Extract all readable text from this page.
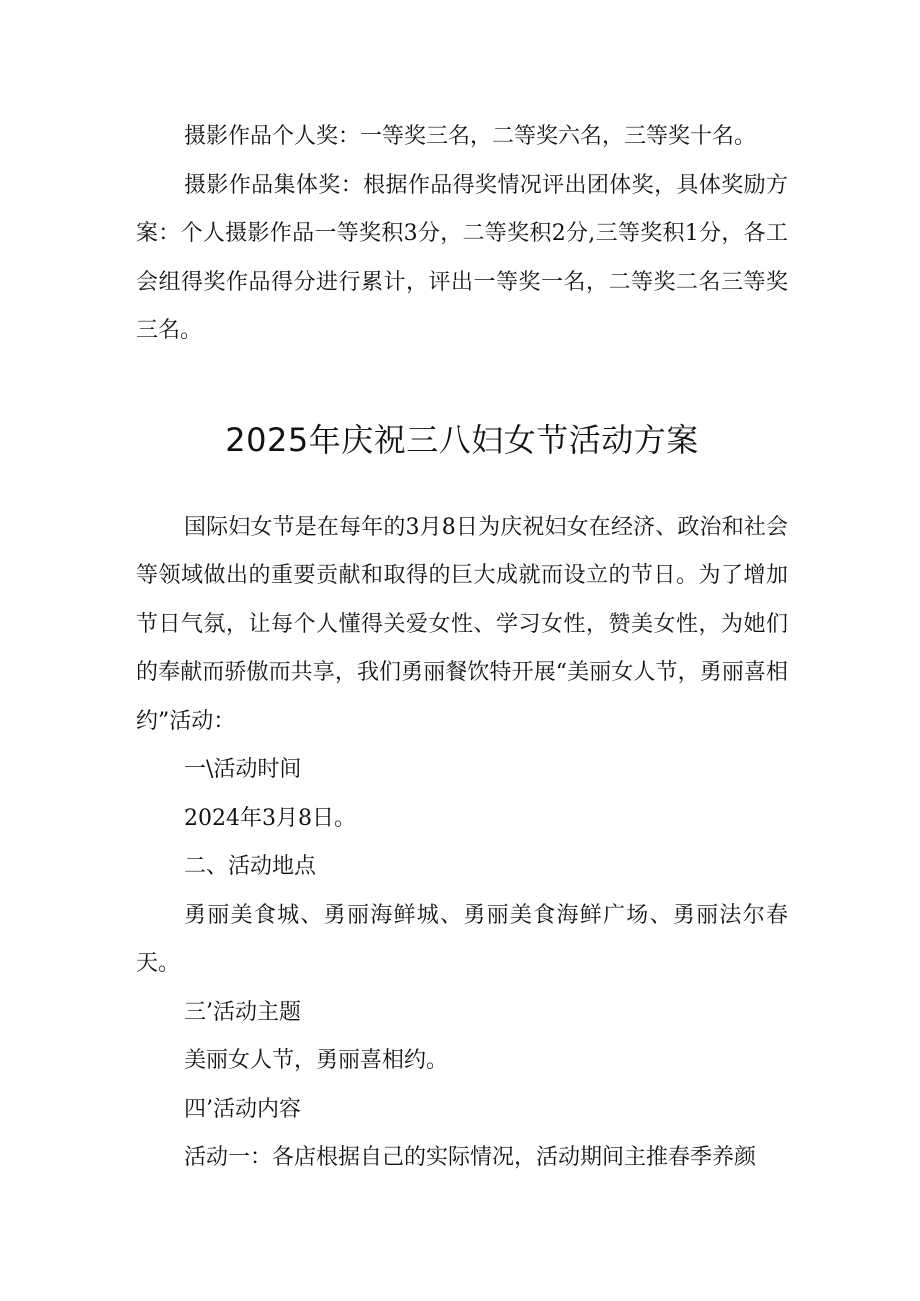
摄影作品个人奖：一等奖三名，二等奖六名，三等奖十名。

摄影作品集体奖：根据作品得奖情况评出团体奖，具体奖励方案：个人摄影作品一等奖积3分，二等奖积2分,三等奖积1分，各工会组得奖作品得分进行累计，评出一等奖一名，二等奖二名三等奖三名。

2025年庆祝三八妇女节活动方案

国际妇女节是在每年的3月8日为庆祝妇女在经济、政治和社会等领域做出的重要贡献和取得的巨大成就而设立的节日。为了增加节日气氛，让每个人懂得关爱女性、学习女性，赞美女性，为她们的奉献而骄傲而共享，我们勇丽餐饮特开展“美丽女人节，勇丽喜相约”活动：

一\活动时间

2024年3月8日。

二、活动地点

勇丽美食城、勇丽海鲜城、勇丽美食海鲜广场、勇丽法尔春天。

三’活动主题

美丽女人节，勇丽喜相约。

四’活动内容

活动一：各店根据自己的实际情况，活动期间主推春季养颜
